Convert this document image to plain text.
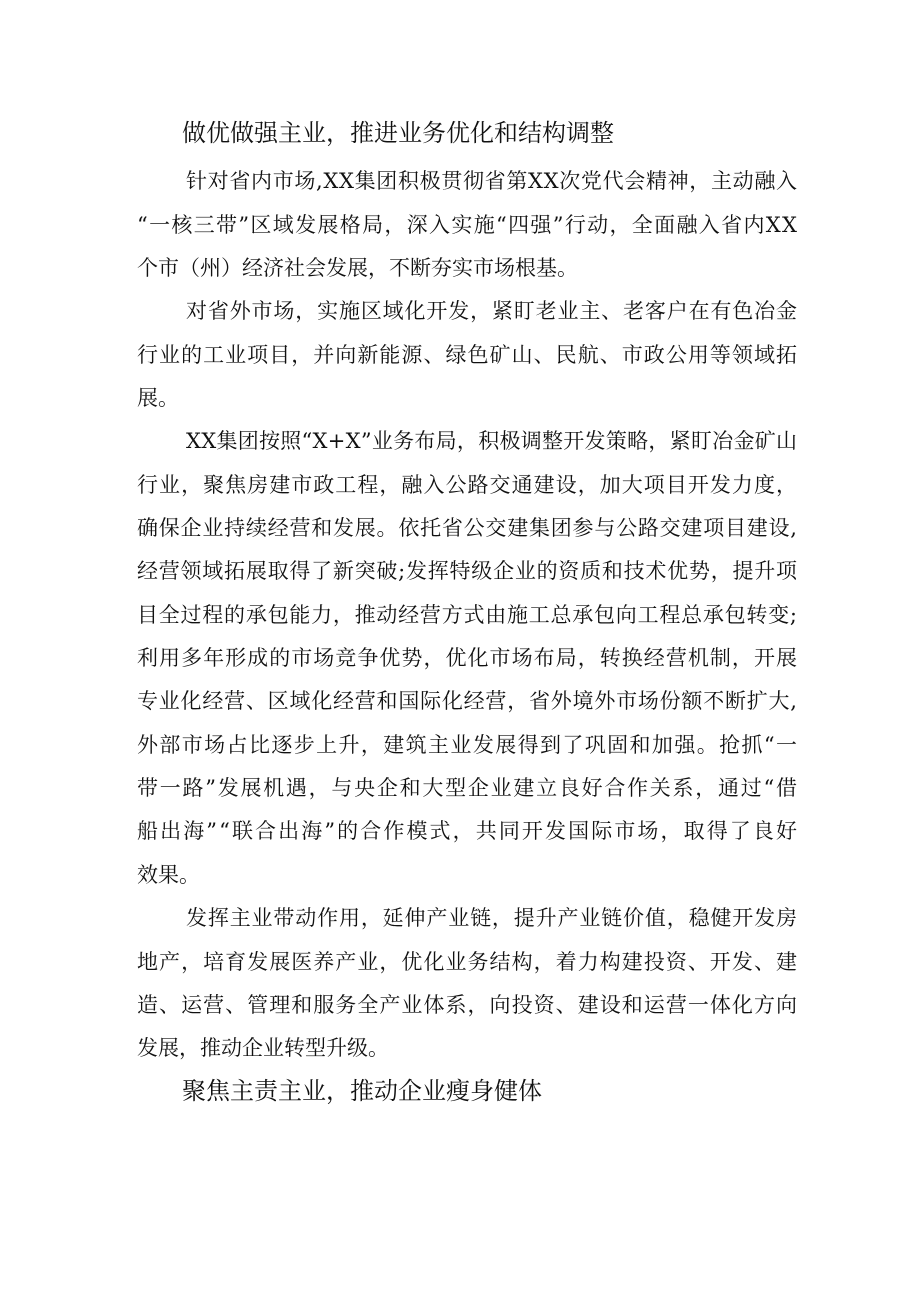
做优做强主业，推进业务优化和结构调整
针对省内市场,XX集团积极贯彻省第XX次党代会精神，主动融入
“一核三带”区域发展格局，深入实施“四强”行动，全面融入省内XX
个市（州）经济社会发展，不断夯实市场根基。
对省外市场，实施区域化开发，紧盯老业主、老客户在有色冶金
行业的工业项目，并向新能源、绿色矿山、民航、市政公用等领域拓
展。
XX集团按照“X+X”业务布局，积极调整开发策略，紧盯冶金矿山
行业，聚焦房建市政工程，融入公路交通建设，加大项目开发力度，
确保企业持续经营和发展。依托省公交建集团参与公路交建项目建设,
经营领域拓展取得了新突破;发挥特级企业的资质和技术优势，提升项
目全过程的承包能力，推动经营方式由施工总承包向工程总承包转变;
利用多年形成的市场竞争优势，优化市场布局，转换经营机制，开展
专业化经营、区域化经营和国际化经营，省外境外市场份额不断扩大,
外部市场占比逐步上升，建筑主业发展得到了巩固和加强。抢抓“一
带一路”发展机遇，与央企和大型企业建立良好合作关系，通过“借
船出海”“联合出海”的合作模式，共同开发国际市场，取得了良好
效果。
发挥主业带动作用，延伸产业链，提升产业链价值，稳健开发房
地产，培育发展医养产业，优化业务结构，着力构建投资、开发、建
造、运营、管理和服务全产业体系，向投资、建设和运营一体化方向
发展，推动企业转型升级。
聚焦主责主业，推动企业瘦身健体
